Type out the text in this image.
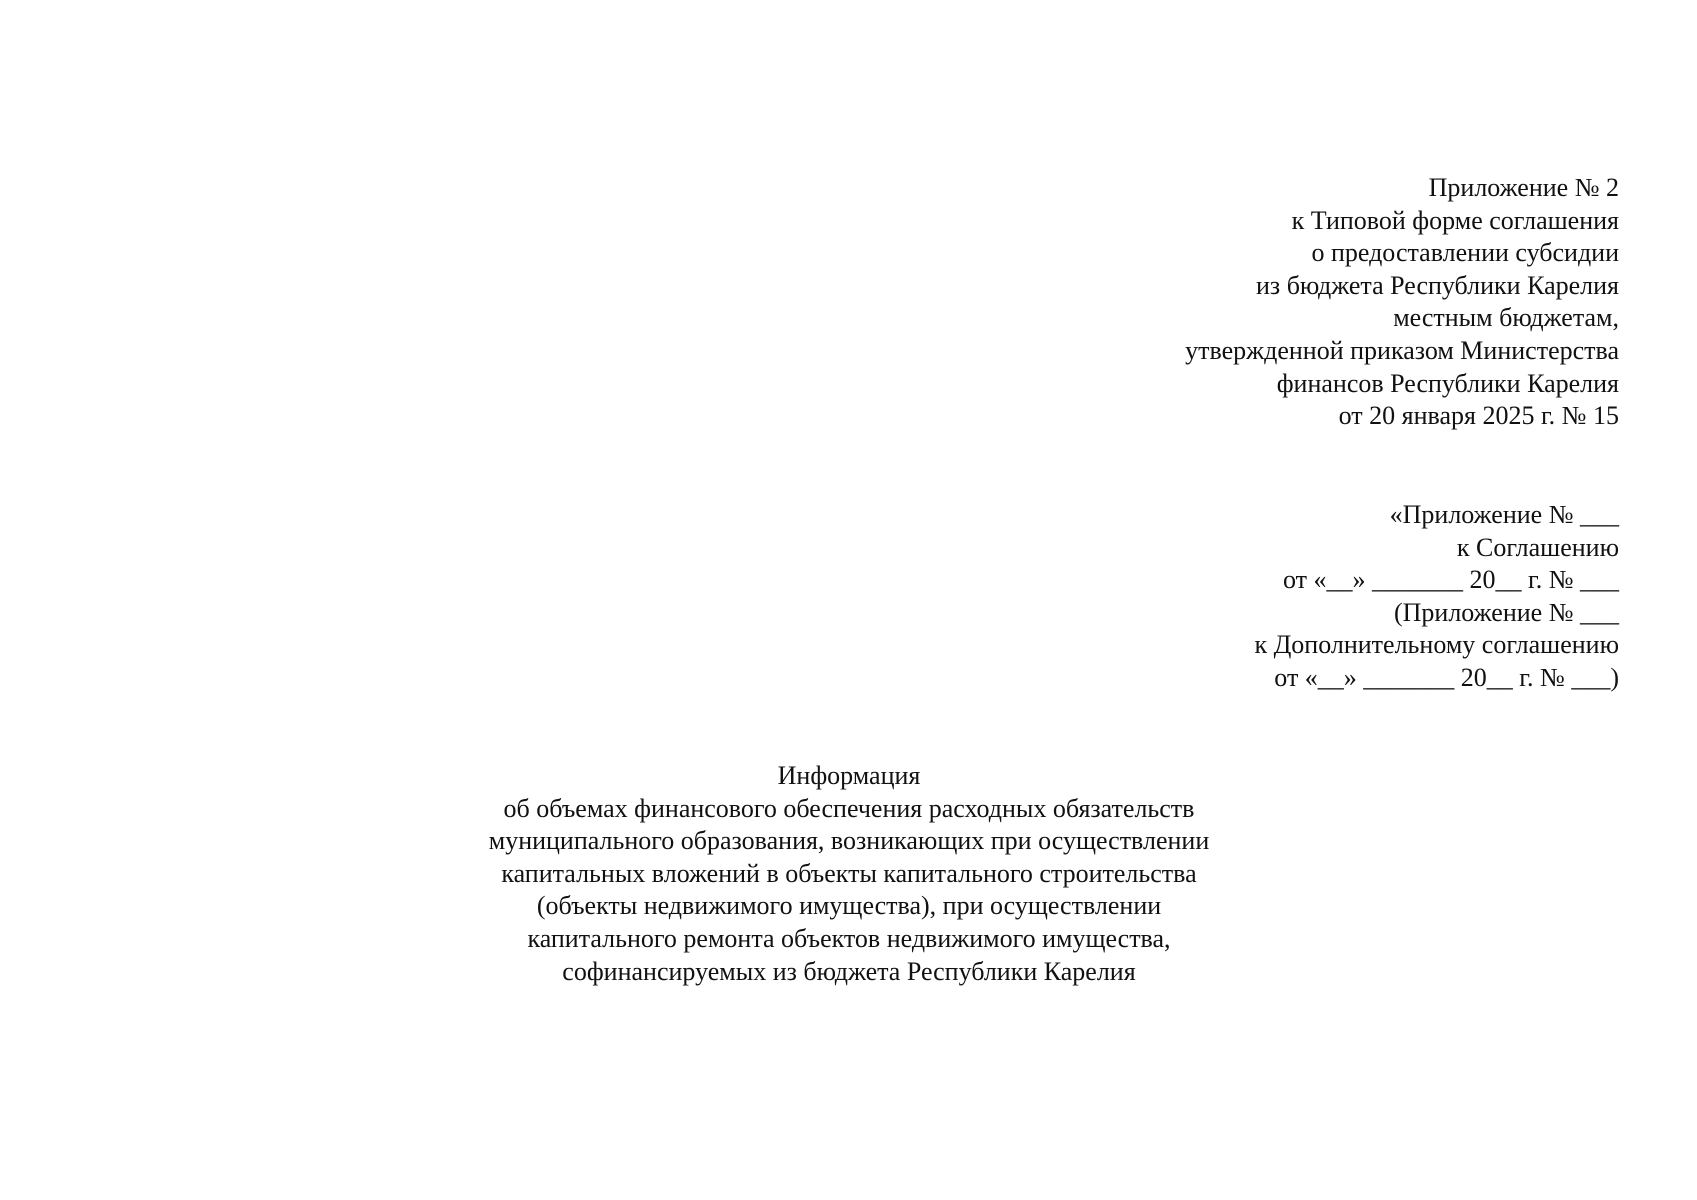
Приложение № 2
к Типовой форме соглашения
о предоставлении субсидии
из бюджета Республики Карелия
местным бюджетам,
утвержденной приказом Министерства
финансов Республики Карелия
от 20 января 2025 г. № 15
«Приложение № ___
к Соглашению
от «__» _______ 20__ г. № ___
(Приложение № ___
к Дополнительному соглашению
от «__» _______ 20__ г. № ___)
Информация
об объемах финансового обеспечения расходных обязательств
муниципального образования, возникающих при осуществлении
капитальных вложений в объекты капитального строительства
(объекты недвижимого имущества), при осуществлении
капитального ремонта объектов недвижимого имущества,
софинансируемых из бюджета Республики Карелия
